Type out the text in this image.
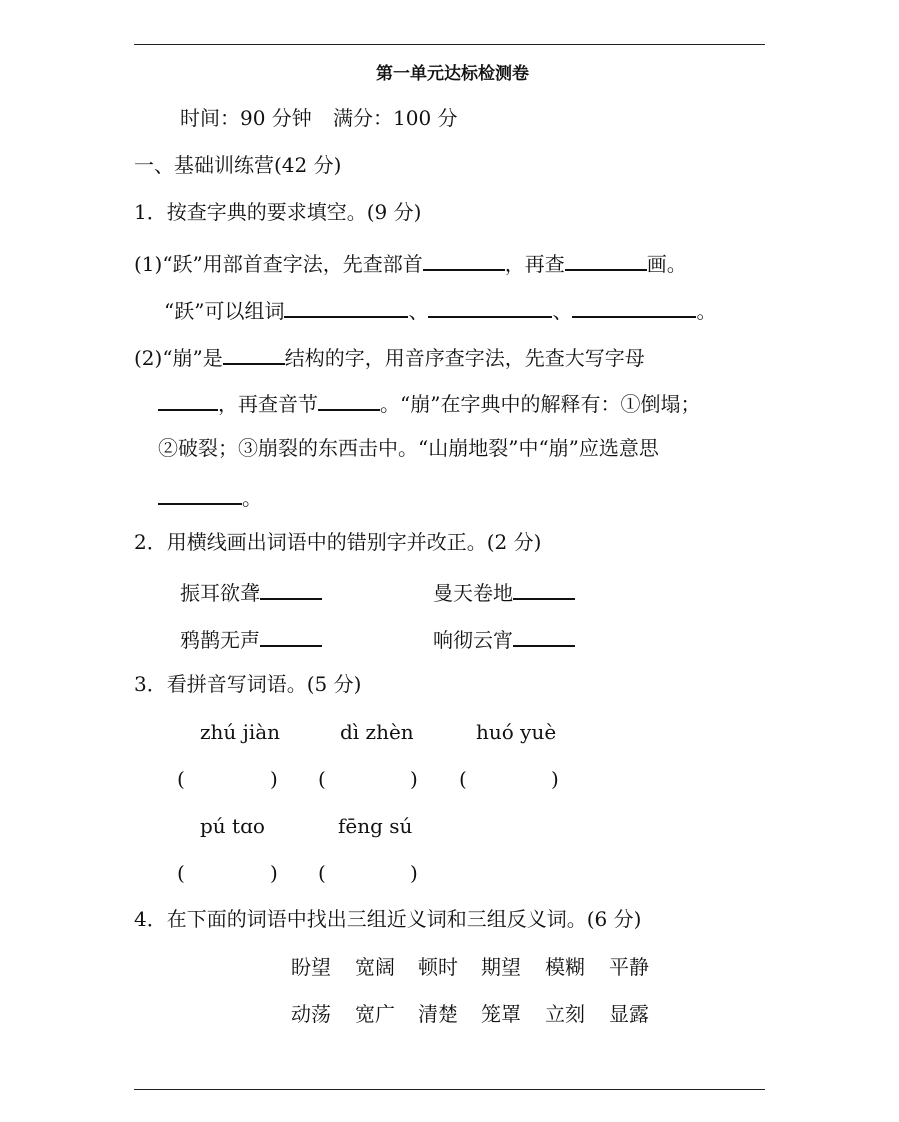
第一单元达标检测卷
时间：90 分钟 满分：100 分
一、基础训练营(42 分)
1．按查字典的要求填空。(9 分)
(1)“跃”用部首查字法，先查部首	，再查	画。
“跃”可以组词	、	、	。
(2)“崩”是	结构的字，用音序查字法，先查大写字母
，再查音节	。“崩”在字典中的解释有：①倒塌；
②破裂；③崩裂的东西击中。“山崩地裂”中“崩”应选意思
。
2．用横线画出词语中的错别字并改正。(2 分)
振耳欲聋	曼天卷地
鸦鹊无声	响彻云宵
3．看拼音写词语。(5 分)
zhú jiàn	dì zhèn	huó yuè
(	) (	) (	)
pú tɑo	fēng sú
(	) (	)
4．在下面的词语中找出三组近义词和三组反义词。(6 分)
盼望 宽阔 顿时 期望 模糊 平静
动荡 宽广 清楚 笼罩 立刻 显露
